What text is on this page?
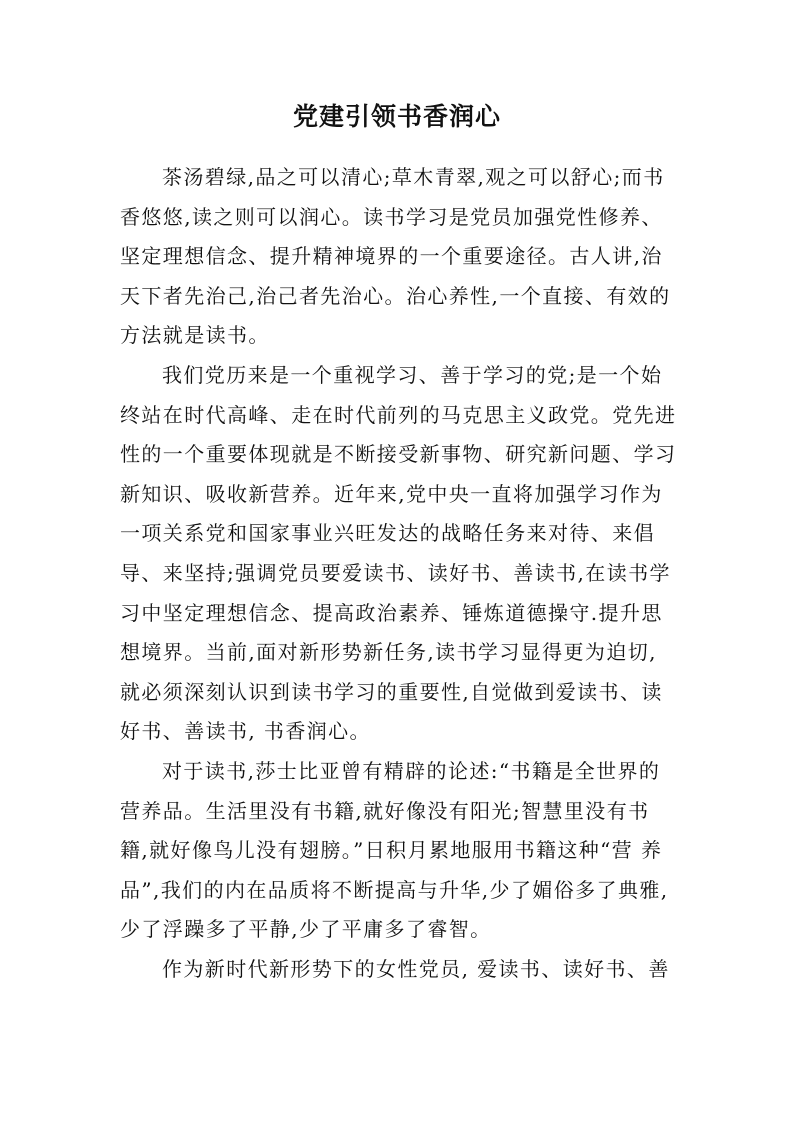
党建引领书香润心

茶汤碧绿,品之可以清心;草木青翠,观之可以舒心;而书香悠悠,读之则可以润心。读书学习是党员加强党性修养、坚定理想信念、提升精神境界的一个重要途径。古人讲,治天下者先治己,治己者先治心。治心养性,一个直接、有效的方法就是读书。

我们党历来是一个重视学习、善于学习的党;是一个始终站在时代高峰、走在时代前列的马克思主义政党。党先进性的一个重要体现就是不断接受新事物、研究新问题、学习新知识、吸收新营养。近年来,党中央一直将加强学习作为 一项关系党和国家事业兴旺发达的战略任务来对待、来倡 导、来坚持;强调党员要爱读书、读好书、善读书,在读书学 习中坚定理想信念、提高政治素养、锤炼道德操守.提升思 想境界。当前,面对新形势新任务,读书学习显得更为迫切, 就必须深刻认识到读书学习的重要性,自觉做到爱读书、读 好书、善读书, 书香润心。

对于读书,莎士比亚曾有精辟的论述:“书籍是全世界的营养品。生活里没有书籍,就好像没有阳光;智慧里没有书 籍,就好像鸟儿没有翅膀。”日积月累地服用书籍这种“营 养品”,我们的内在品质将不断提高与升华,少了媚俗多了典雅,少了浮躁多了平静,少了平庸多了睿智。

作为新时代新形势下的女性党员, 爱读书、读好书、善
